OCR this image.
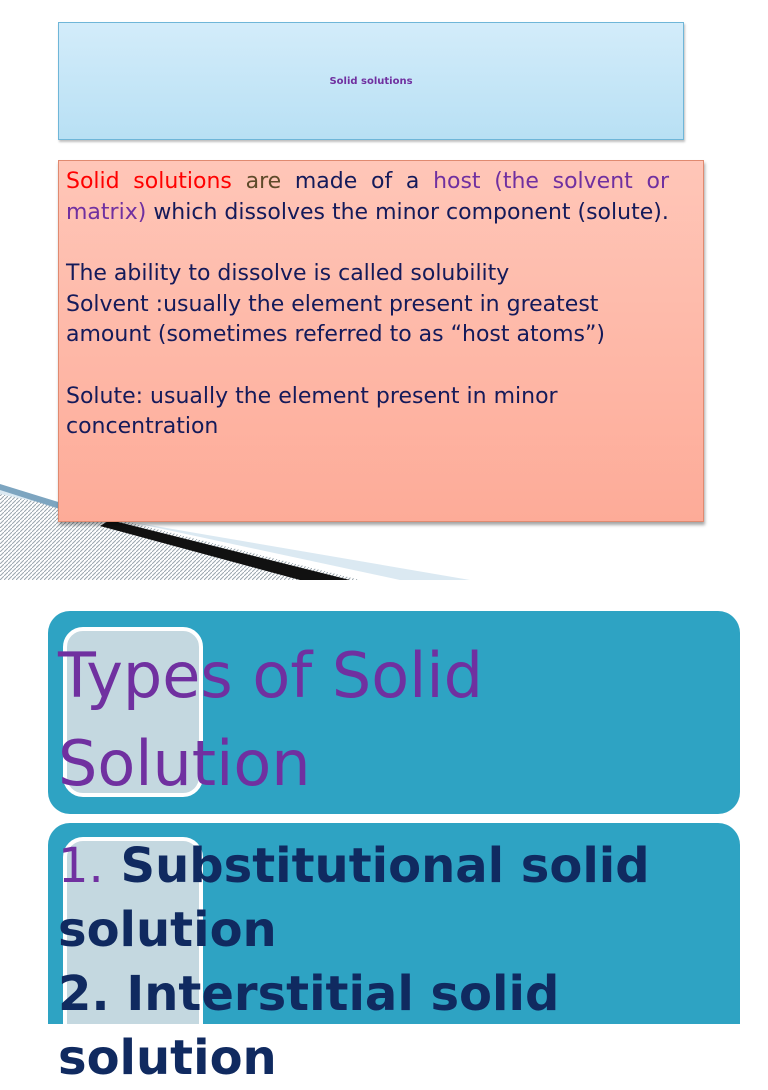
Solid solutions

Solid solutions are made of a host (the solvent or matrix) which dissolves the minor component (solute).

The ability to dissolve is called solubility

Solvent :usually the element present in greatest amount (sometimes referred to as “host atoms”)

Solute: usually the element present in minor concentration

Types of Solid Solution
1. Substitutional solid solution
2. Interstitial solid solution
